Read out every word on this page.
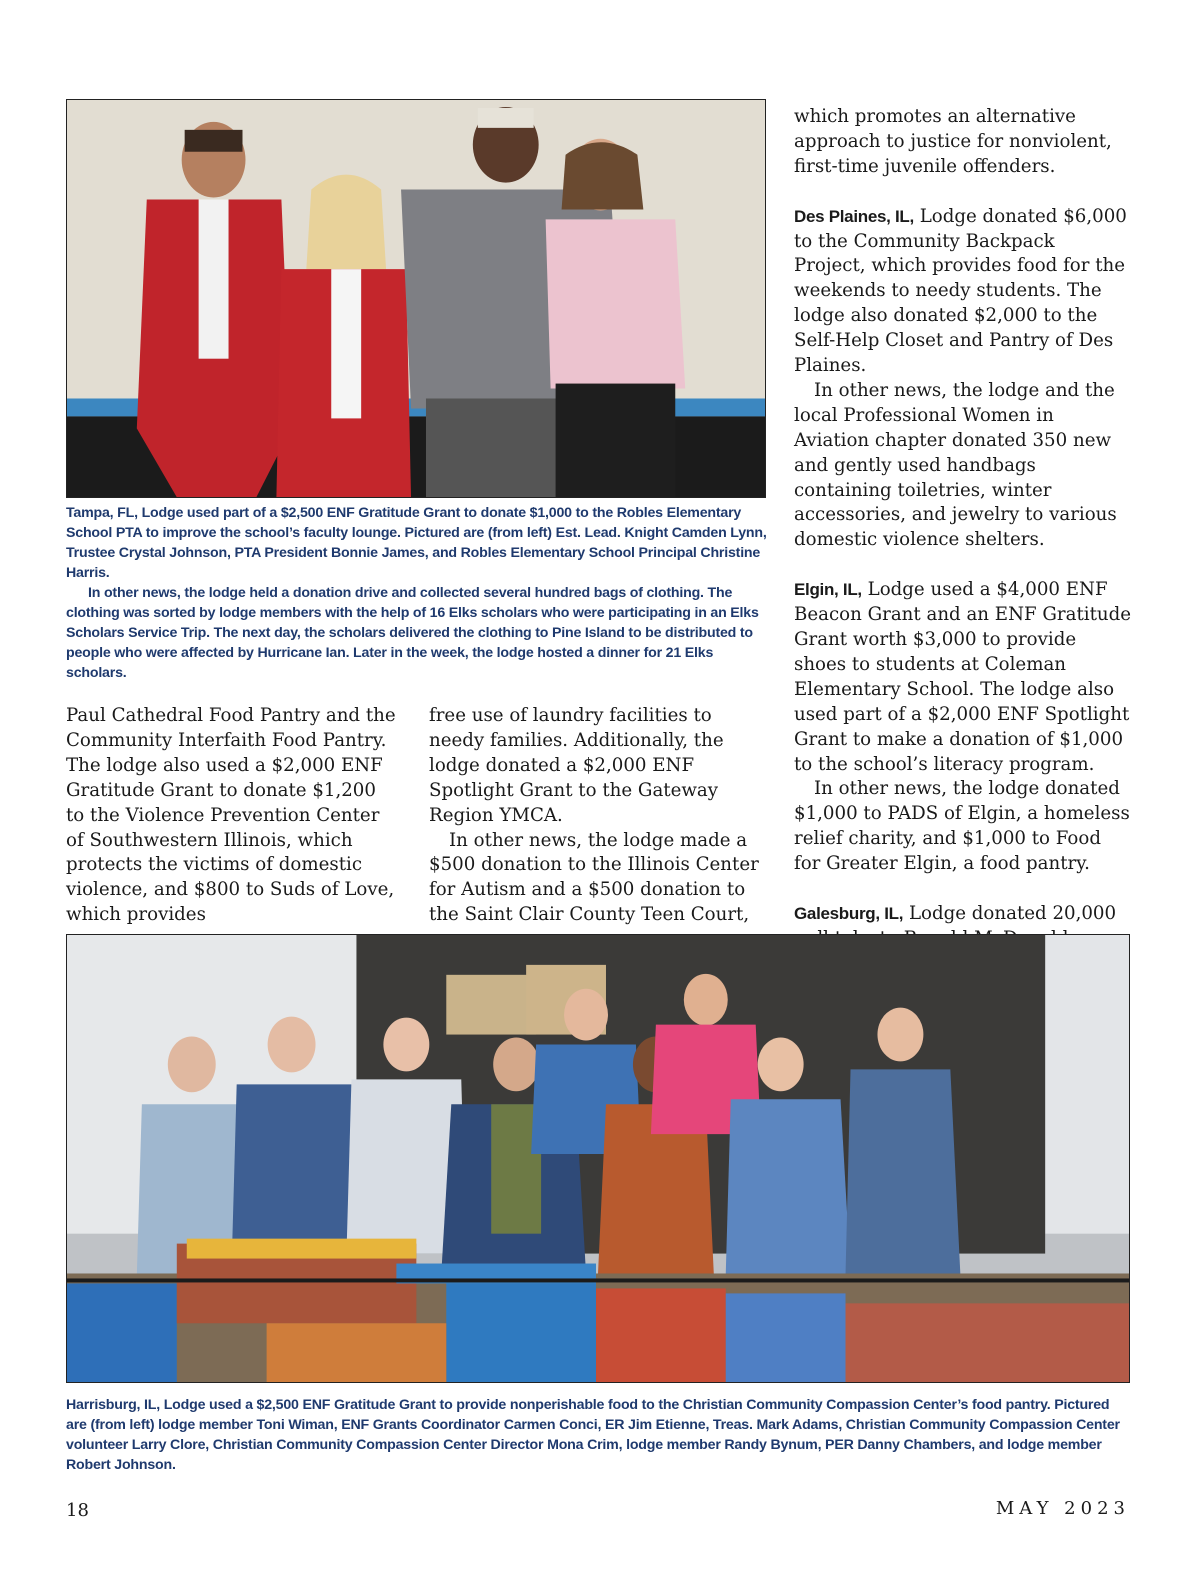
Tampa, FL, Lodge used part of a $2,500 ENF Gratitude Grant to donate $1,000 to the Robles Elementary School PTA to improve the school’s faculty lounge. Pictured are (from left) Est. Lead. Knight Camden Lynn, Trustee Crystal Johnson, PTA President Bonnie James, and Robles Elementary School Principal Christine Harris.

In other news, the lodge held a donation drive and collected several hundred bags of clothing. The clothing was sorted by lodge members with the help of 16 Elks scholars who were participating in an Elks Scholars Service Trip. The next day, the scholars delivered the clothing to Pine Island to be distributed to people who were affected by Hurricane Ian. Later in the week, the lodge hosted a dinner for 21 Elks scholars.

Paul Cathedral Food Pantry and the Community Interfaith Food Pantry. The lodge also used a $2,000 ENF Gratitude Grant to donate $1,200 to the Violence Prevention Center of Southwestern Illinois, which protects the victims of domestic violence, and $800 to Suds of Love, which provides

free use of laundry facilities to needy families. Additionally, the lodge donated a $2,000 ENF Spotlight Grant to the Gateway Region YMCA.

In other news, the lodge made a $500 donation to the Illinois Center for Autism and a $500 donation to the Saint Clair County Teen Court,

which promotes an alternative approach to justice for nonviolent, first-time juvenile offenders.

Des Plaines, IL, Lodge donated $6,000 to the Community Backpack Project, which provides food for the weekends to needy students. The lodge also donated $2,000 to the Self-Help Closet and Pantry of Des Plaines.

In other news, the lodge and the local Professional Women in Aviation chapter donated 350 new and gently used handbags containing toiletries, winter accessories, and jewelry to various domestic violence shelters.

Elgin, IL, Lodge used a $4,000 ENF Beacon Grant and an ENF Gratitude Grant worth $3,000 to provide shoes to students at Coleman Elementary School. The lodge also used part of a $2,000 ENF Spotlight Grant to make a donation of $1,000 to the school’s literacy program.

In other news, the lodge donated $1,000 to PADS of Elgin, a homeless relief charity, and $1,000 to Food for Greater Elgin, a food pantry.

Galesburg, IL, Lodge donated 20,000

Harrisburg, IL, Lodge used a $2,500 ENF Gratitude Grant to provide nonperishable food to the Christian Community Compassion Center’s food pantry. Pictured are (from left) lodge member Toni Wiman, ENF Grants Coordinator Carmen Conci, ER Jim Etienne, Treas. Mark Adams, Christian Community Compassion Center volunteer Larry Clore, Christian Community Compassion Center Director Mona Crim, lodge member Randy Bynum, PER Danny Chambers, and lodge member Robert Johnson.

18	MAY 2023
